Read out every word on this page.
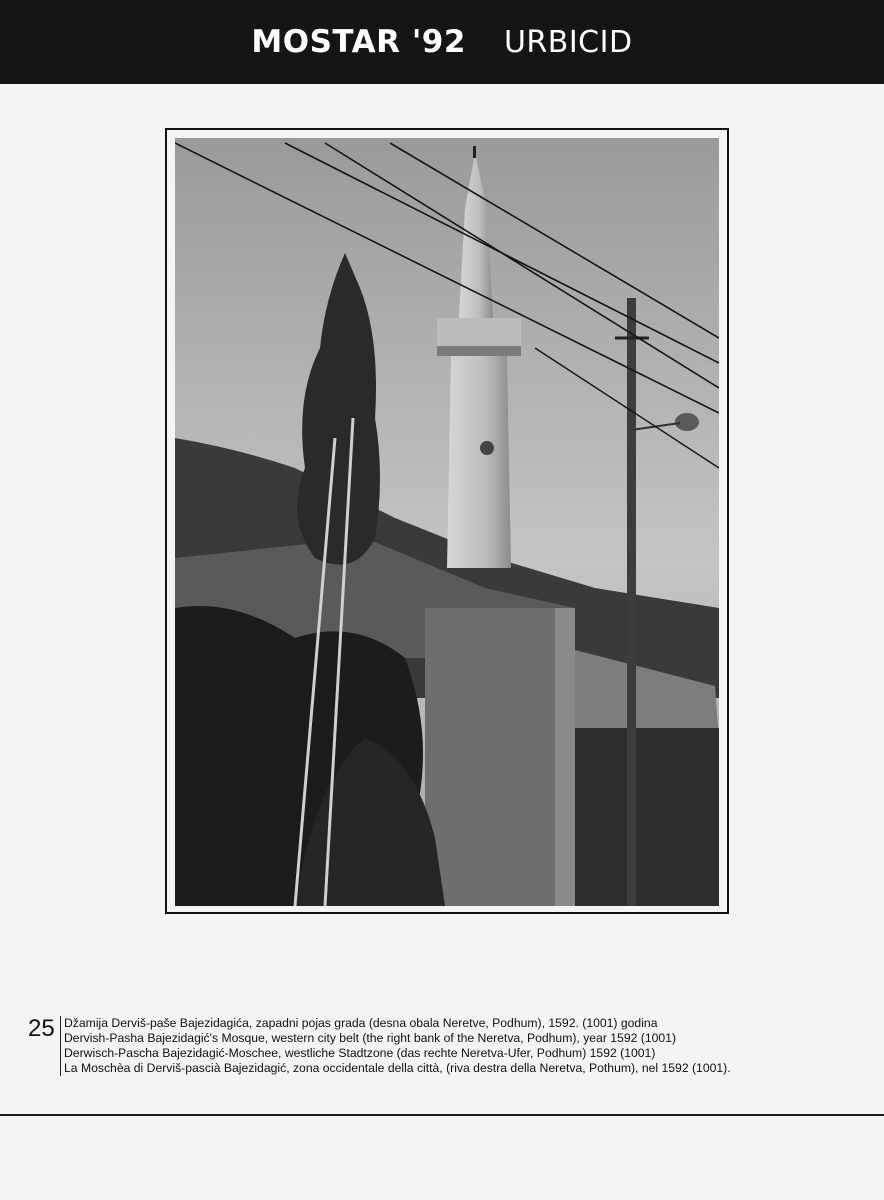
MOSTAR '92 URBICID
25 Džamija Derviš-paše Bajezidagića, zapadni pojas grada (desna obala Neretve, Podhum), 1592. (1001) godina
Dervish-Pasha Bajezidagić's Mosque, western city belt (the right bank of the Neretva, Podhum), year 1592 (1001)
Derwisch-Pascha Bajezidagić-Moschee, westliche Stadtzone (das rechte Neretva-Ufer, Podhum) 1592 (1001)
La Moschèa di Derviš-pascià Bajezidagić, zona occidentale della città, (riva destra della Neretva, Pothum), nel 1592 (1001).
